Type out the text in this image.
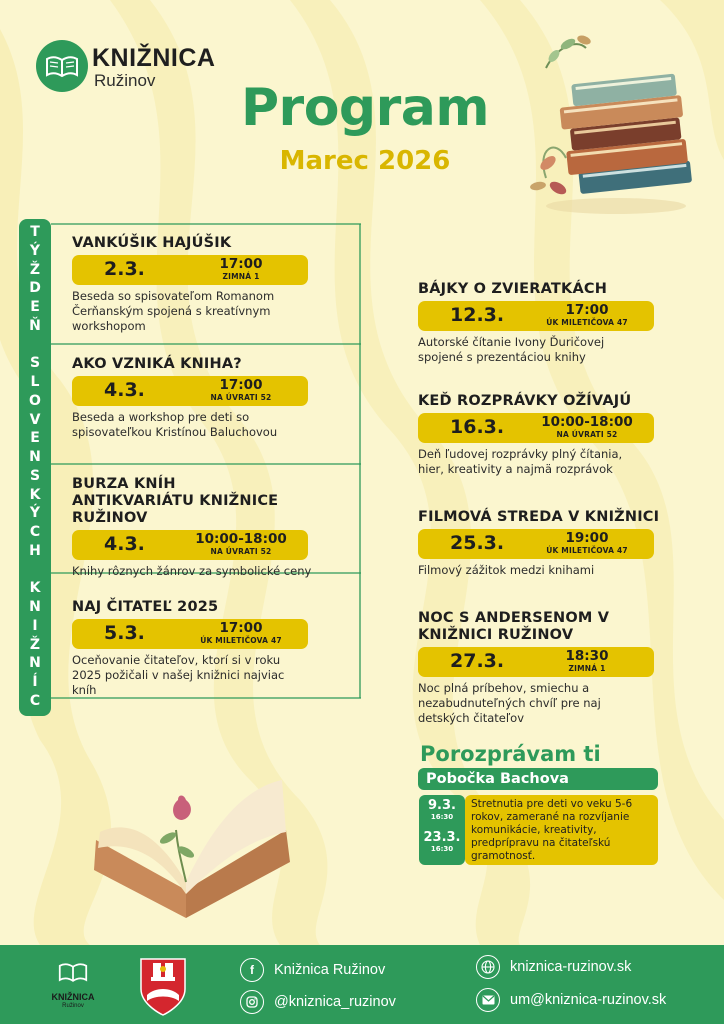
KNIŽNICA
Ružinov	Program
Marec 2026
T
Ý
Ž
D
E
Ň
S
L
O
V
E
N
S
K
Ý
C
H
K
N
I
Ž
N
Í
C
VANKÚŠIK HAJÚŠIK
2.3.	17:00
ZIMNÁ 1
Beseda so spisovateľom Romanom Čerňanským spojená s kreatívnym workshopom
AKO VZNIKÁ KNIHA?
4.3.	17:00
NA ÚVRATI 52
Beseda a workshop pre deti so spisovateľkou Kristínou Baluchovou
BURZA KNÍH ANTIKVARIÁTU KNIŽNICE RUŽINOV
4.3.	10:00-18:00
NA ÚVRATI 52
Knihy rôznych žánrov za symbolické ceny
NAJ ČITATEĽ 2025
5.3.	17:00
ÚK MILETIČOVA 47
Oceňovanie čitateľov, ktorí si v roku 2025 požičali v našej knižnici najviac kníh
BÁJKY O ZVIERATKÁCH
12.3.	17:00
ÚK MILETIČOVA 47
Autorské čítanie Ivony Ďuričovej spojené s prezentáciou knihy
KEĎ ROZPRÁVKY OŽÍVAJÚ
16.3.	10:00-18:00
NA ÚVRATI 52
Deň ľudovej rozprávky plný čítania, hier, kreativity a najmä rozprávok
FILMOVÁ STREDA V KNIŽNICI
25.3.	19:00
ÚK MILETIČOVA 47
Filmový zážitok medzi knihami
NOC S ANDERSENOM V KNIŽNICI RUŽINOV
27.3.	18:30
ZIMNÁ 1
Noc plná príbehov, smiechu a nezabudnuteľných chvíľ pre naj detských čitateľov
Porozprávam ti
Pobočka Bachova
9.3.
16:30
23.3.
16:30
Stretnutia pre deti vo veku 5-6 rokov, zamerané na rozvíjanie komunikácie, kreativity, predprípravu na čitateľskú gramotnosť.
KNIŽNICA
Ružinov
f	Knižnica Ružinov
@kniznica_ruzinov
kniznica-ruzinov.sk
um@kniznica-ruzinov.sk
